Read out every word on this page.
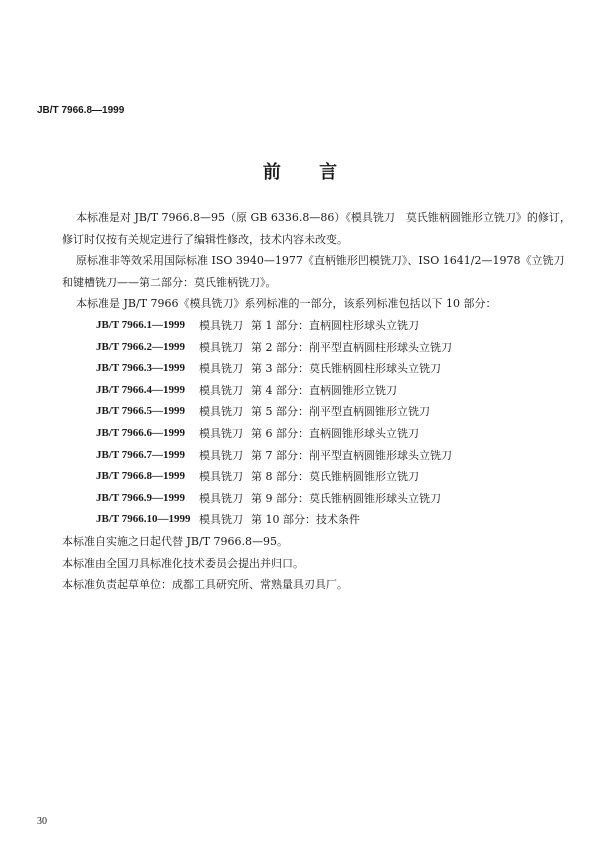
JB/T 7966.8—1999
前 言

本标准是对 JB/T 7966.8—95（原 GB 6336.8—86）《模具铣刀　莫氏锥柄圆锥形立铣刀》的修订，

修订时仅按有关规定进行了编辑性修改，技术内容未改变。

原标准非等效采用国际标准 ISO 3940—1977《直柄锥形凹模铣刀》、ISO 1641/2—1978《立铣刀

和键槽铣刀——第二部分：莫氏锥柄铣刀》。

本标准是 JB/T 7966《模具铣刀》系列标准的一部分，该系列标准包括以下 10 部分：

JB/T 7966.1—1999	模具铣刀 第 1 部分：直柄圆柱形球头立铣刀
JB/T 7966.2—1999	模具铣刀 第 2 部分：削平型直柄圆柱形球头立铣刀
JB/T 7966.3—1999	模具铣刀 第 3 部分：莫氏锥柄圆柱形球头立铣刀
JB/T 7966.4—1999	模具铣刀 第 4 部分：直柄圆锥形立铣刀
JB/T 7966.5—1999	模具铣刀 第 5 部分：削平型直柄圆锥形立铣刀
JB/T 7966.6—1999	模具铣刀 第 6 部分：直柄圆锥形球头立铣刀
JB/T 7966.7—1999	模具铣刀 第 7 部分：削平型直柄圆锥形球头立铣刀
JB/T 7966.8—1999	模具铣刀 第 8 部分：莫氏锥柄圆锥形立铣刀
JB/T 7966.9—1999	模具铣刀 第 9 部分：莫氏锥柄圆锥形球头立铣刀
JB/T 7966.10—1999 模具铣刀 第 10 部分：技术条件

本标准自实施之日起代替 JB/T 7966.8—95。

本标准由全国刀具标准化技术委员会提出并归口。

本标准负责起草单位：成都工具研究所、常熟量具刃具厂。

30
